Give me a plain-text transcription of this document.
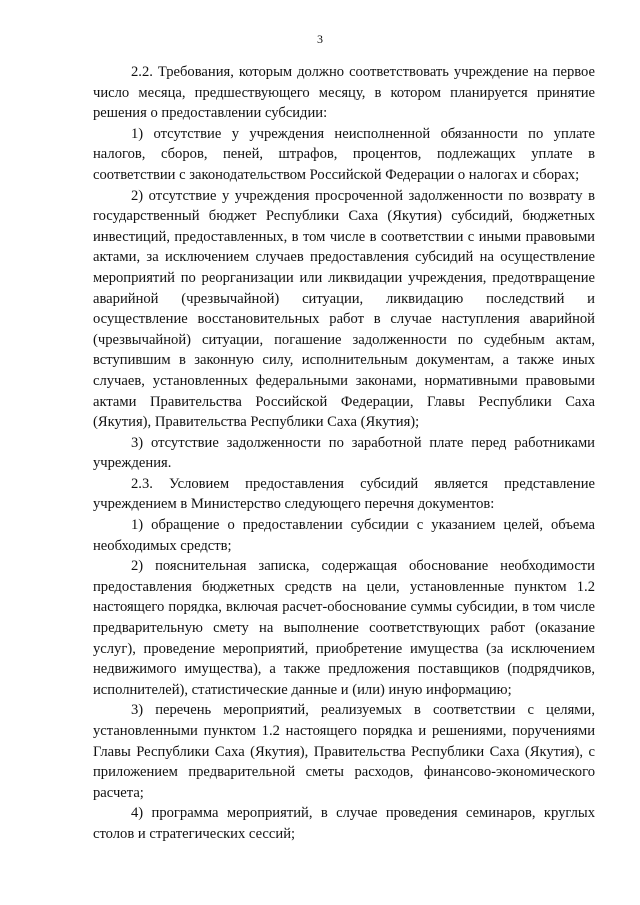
3

2.2. Требования, которым должно соответствовать учреждение на первое число месяца, предшествующего месяцу, в котором планируется принятие решения о предоставлении субсидии:

1) отсутствие у учреждения неисполненной обязанности по уплате налогов, сборов, пеней, штрафов, процентов, подлежащих уплате в соответствии с законодательством Российской Федерации о налогах и сборах;

2) отсутствие у учреждения просроченной задолженности по возврату в государственный бюджет Республики Саха (Якутия) субсидий, бюджетных инвестиций, предоставленных, в том числе в соответствии с иными правовыми актами, за исключением случаев предоставления субсидий на осуществление мероприятий по реорганизации или ликвидации учреждения, предотвращение аварийной (чрезвычайной) ситуации, ликвидацию последствий и осуществление восстановительных работ в случае наступления аварийной (чрезвычайной) ситуации, погашение задолженности по судебным актам, вступившим в законную силу, исполнительным документам, а также иных случаев, установленных федеральными законами, нормативными правовыми актами Правительства Российской Федерации, Главы Республики Саха (Якутия), Правительства Республики Саха (Якутия);

3) отсутствие задолженности по заработной плате перед работниками учреждения.

2.3. Условием предоставления субсидий является представление учреждением в Министерство следующего перечня документов:

1) обращение о предоставлении субсидии с указанием целей, объема необходимых средств;

2) пояснительная записка, содержащая обоснование необходимости предоставления бюджетных средств на цели, установленные пунктом 1.2 настоящего порядка, включая расчет-обоснование суммы субсидии, в том числе предварительную смету на выполнение соответствующих работ (оказание услуг), проведение мероприятий, приобретение имущества (за исключением недвижимого имущества), а также предложения поставщиков (подрядчиков, исполнителей), статистические данные и (или) иную информацию;

3) перечень мероприятий, реализуемых в соответствии с целями, установленными пунктом 1.2 настоящего порядка и решениями, поручениями Главы Республики Саха (Якутия), Правительства Республики Саха (Якутия), с приложением предварительной сметы расходов, финансово-экономического расчета;

4) программа мероприятий, в случае проведения семинаров, круглых столов и стратегических сессий;
